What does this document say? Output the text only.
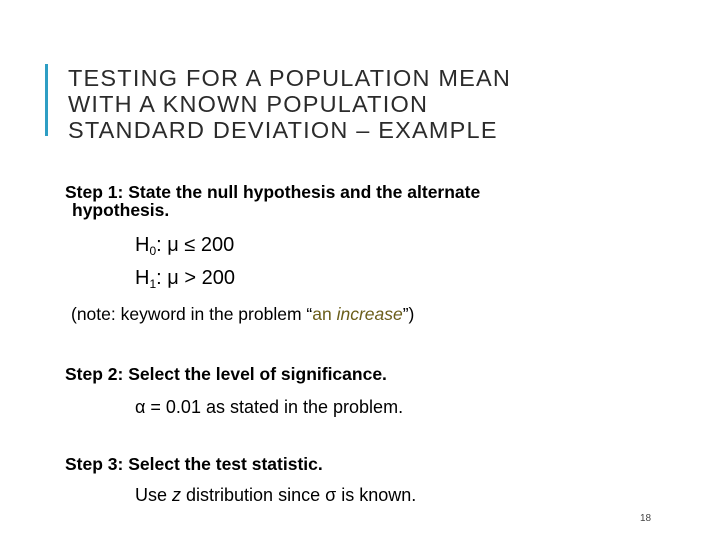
TESTING FOR A POPULATION MEAN
WITH A KNOWN POPULATION
STANDARD DEVIATION – EXAMPLE
Step 1: State the null hypothesis and the alternate
hypothesis.
$H_0$: μ ≤ 200
$H_1$: μ > 200
(note: keyword in the problem “an increase”)
Step 2: Select the level of significance.
α = 0.01 as stated in the problem.
Step 3: Select the test statistic.
Use z distribution since σ is known.
18
